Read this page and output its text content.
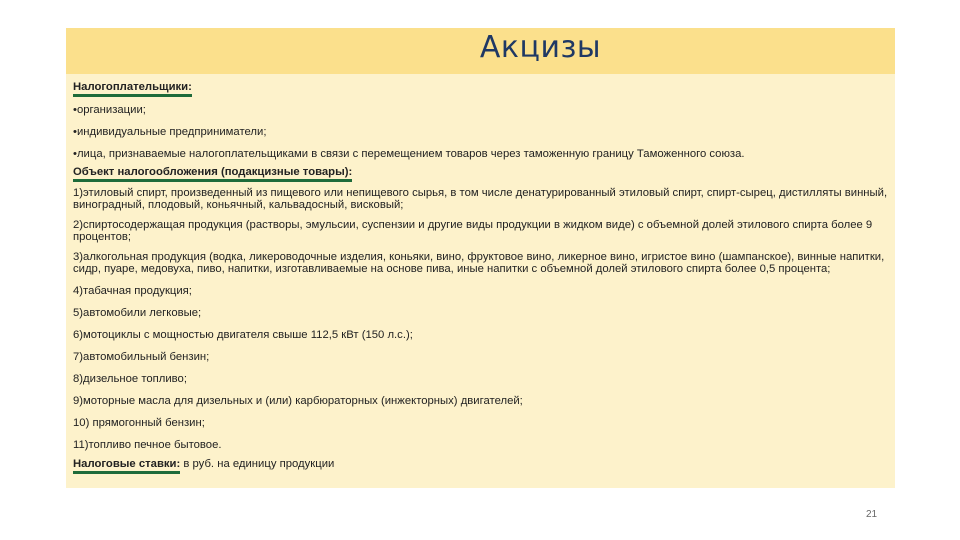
Акцизы
Налогоплательщики:
•организации;
•индивидуальные предприниматели;
•лица, признаваемые налогоплательщиками в связи с перемещением товаров через таможенную границу Таможенного союза.
Объект налогообложения (подакцизные товары):
1)этиловый спирт, произведенный из пищевого или непищевого сырья, в том числе денатурированный этиловый спирт, спирт-сырец, дистилляты винный, виноградный, плодовый, коньячный, кальвадосный, висковый;
2)спиртосодержащая продукция (растворы, эмульсии, суспензии и другие виды продукции в жидком виде) с объемной долей этилового спирта более 9 процентов;
3)алкогольная продукция (водка, ликероводочные изделия, коньяки, вино, фруктовое вино, ликерное вино, игристое вино (шампанское), винные напитки, сидр, пуаре, медовуха, пиво, напитки, изготавливаемые на основе пива, иные напитки с объемной долей этилового спирта более 0,5 процента;
4)табачная продукция;
5)автомобили легковые;
6)мотоциклы с мощностью двигателя свыше 112,5 кВт (150 л.с.);
7)автомобильный бензин;
8)дизельное топливо;
9)моторные масла для дизельных и (или) карбюраторных (инжекторных) двигателей;
10) прямогонный бензин;
11)топливо печное бытовое.
Налоговые ставки: в руб. на единицу продукции
21
